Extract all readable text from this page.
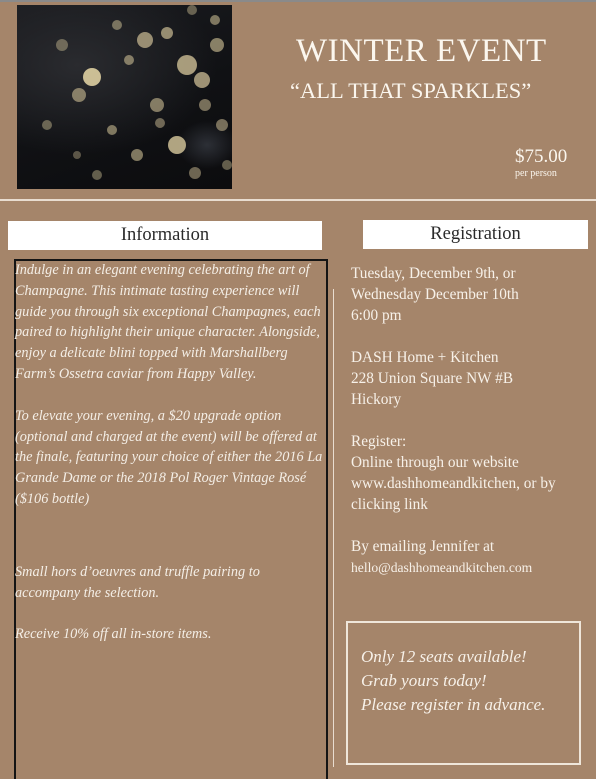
WINTER EVENT
“ALL THAT SPARKLES”
$75.00
per person
Information	Registration

Indulge in an elegant evening celebrating the art of Champagne. This intimate tasting experience will guide you through six exceptional Champagnes, each paired to highlight their unique character. Alongside, enjoy a delicate blini topped with Marshallberg Farm’s Ossetra caviar from Happy Valley.

To elevate your evening, a $20 upgrade option (optional and charged at the event) will be offered at the finale, featuring your choice of either the 2016 La Grande Dame or the 2018 Pol Roger Vintage Rosé ($106 bottle)

Small hors d’oeuvres and truffle pairing to accompany the selection.

Receive 10% off all in-store items.

Tuesday, December 9th, or

Wednesday December 10th

6:00 pm

DASH Home + Kitchen

228 Union Square NW #B

Hickory

Register:

Online through our website

www.dashhomeandkitchen, or by

clicking link

By emailing Jennifer at

hello@dashhomeandkitchen.com

Only 12 seats available!

Grab yours today!

Please register in advance.
